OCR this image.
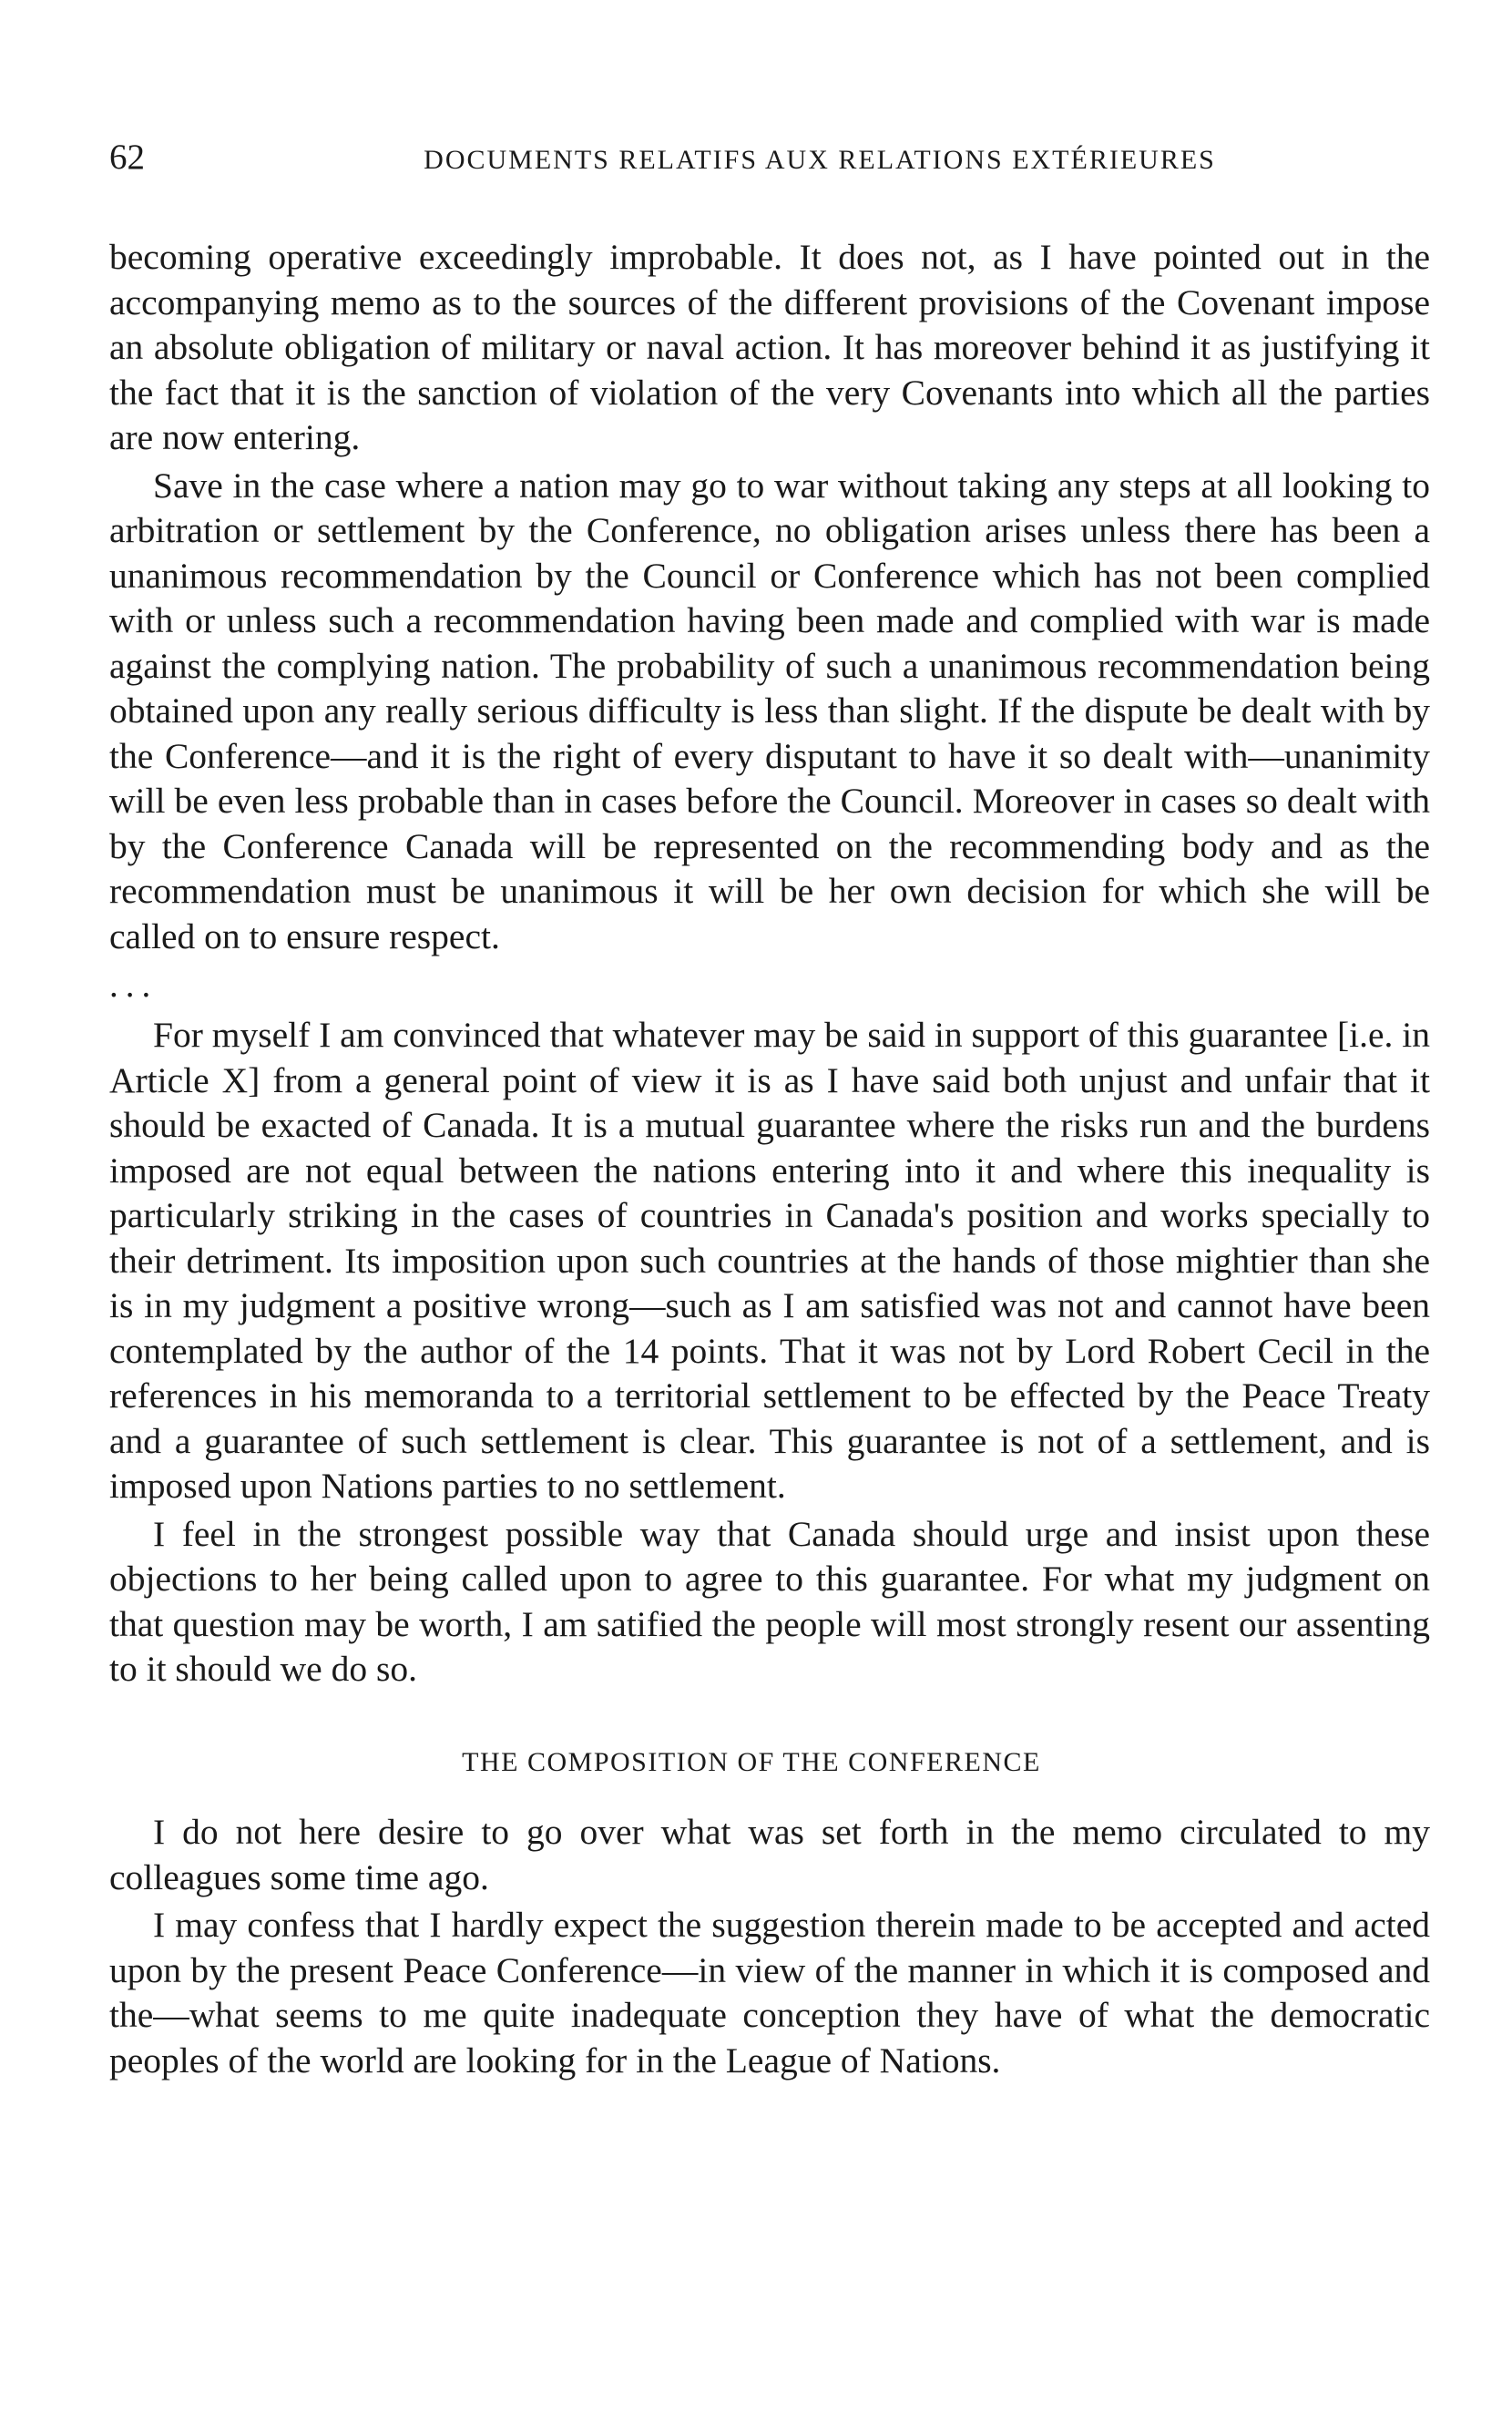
62	DOCUMENTS RELATIFS AUX RELATIONS EXTÉRIEURES

becoming operative exceedingly improbable. It does not, as I have pointed out in the accompanying memo as to the sources of the different provisions of the Covenant impose an absolute obligation of military or naval action. It has moreover behind it as justifying it the fact that it is the sanction of violation of the very Covenants into which all the parties are now entering.

Save in the case where a nation may go to war without taking any steps at all looking to arbitration or settlement by the Conference, no obligation arises unless there has been a unanimous recommendation by the Council or Conference which has not been complied with or unless such a recommendation having been made and complied with war is made against the complying nation. The probability of such a unanimous recommendation being obtained upon any really serious difficulty is less than slight. If the dispute be dealt with by the Conference—and it is the right of every disputant to have it so dealt with—unanimity will be even less probable than in cases before the Council. Moreover in cases so dealt with by the Conference Canada will be represented on the recommending body and as the recommendation must be unanimous it will be her own decision for which she will be called on to ensure respect.

...

For myself I am convinced that whatever may be said in support of this guarantee [i.e. in Article X] from a general point of view it is as I have said both unjust and unfair that it should be exacted of Canada. It is a mutual guarantee where the risks run and the burdens imposed are not equal between the nations entering into it and where this inequality is particularly striking in the cases of countries in Canada's position and works specially to their detriment. Its imposition upon such countries at the hands of those mightier than she is in my judgment a positive wrong—such as I am satisfied was not and cannot have been contemplated by the author of the 14 points. That it was not by Lord Robert Cecil in the references in his memoranda to a territorial settlement to be effected by the Peace Treaty and a guarantee of such settlement is clear. This guarantee is not of a settlement, and is imposed upon Nations parties to no settlement.

I feel in the strongest possible way that Canada should urge and insist upon these objections to her being called upon to agree to this guarantee. For what my judgment on that question may be worth, I am satified the people will most strongly resent our assenting to it should we do so.

THE COMPOSITION OF THE CONFERENCE

I do not here desire to go over what was set forth in the memo circulated to my colleagues some time ago.

I may confess that I hardly expect the suggestion therein made to be accepted and acted upon by the present Peace Conference—in view of the manner in which it is composed and the—what seems to me quite inadequate conception they have of what the democratic peoples of the world are looking for in the League of Nations.
